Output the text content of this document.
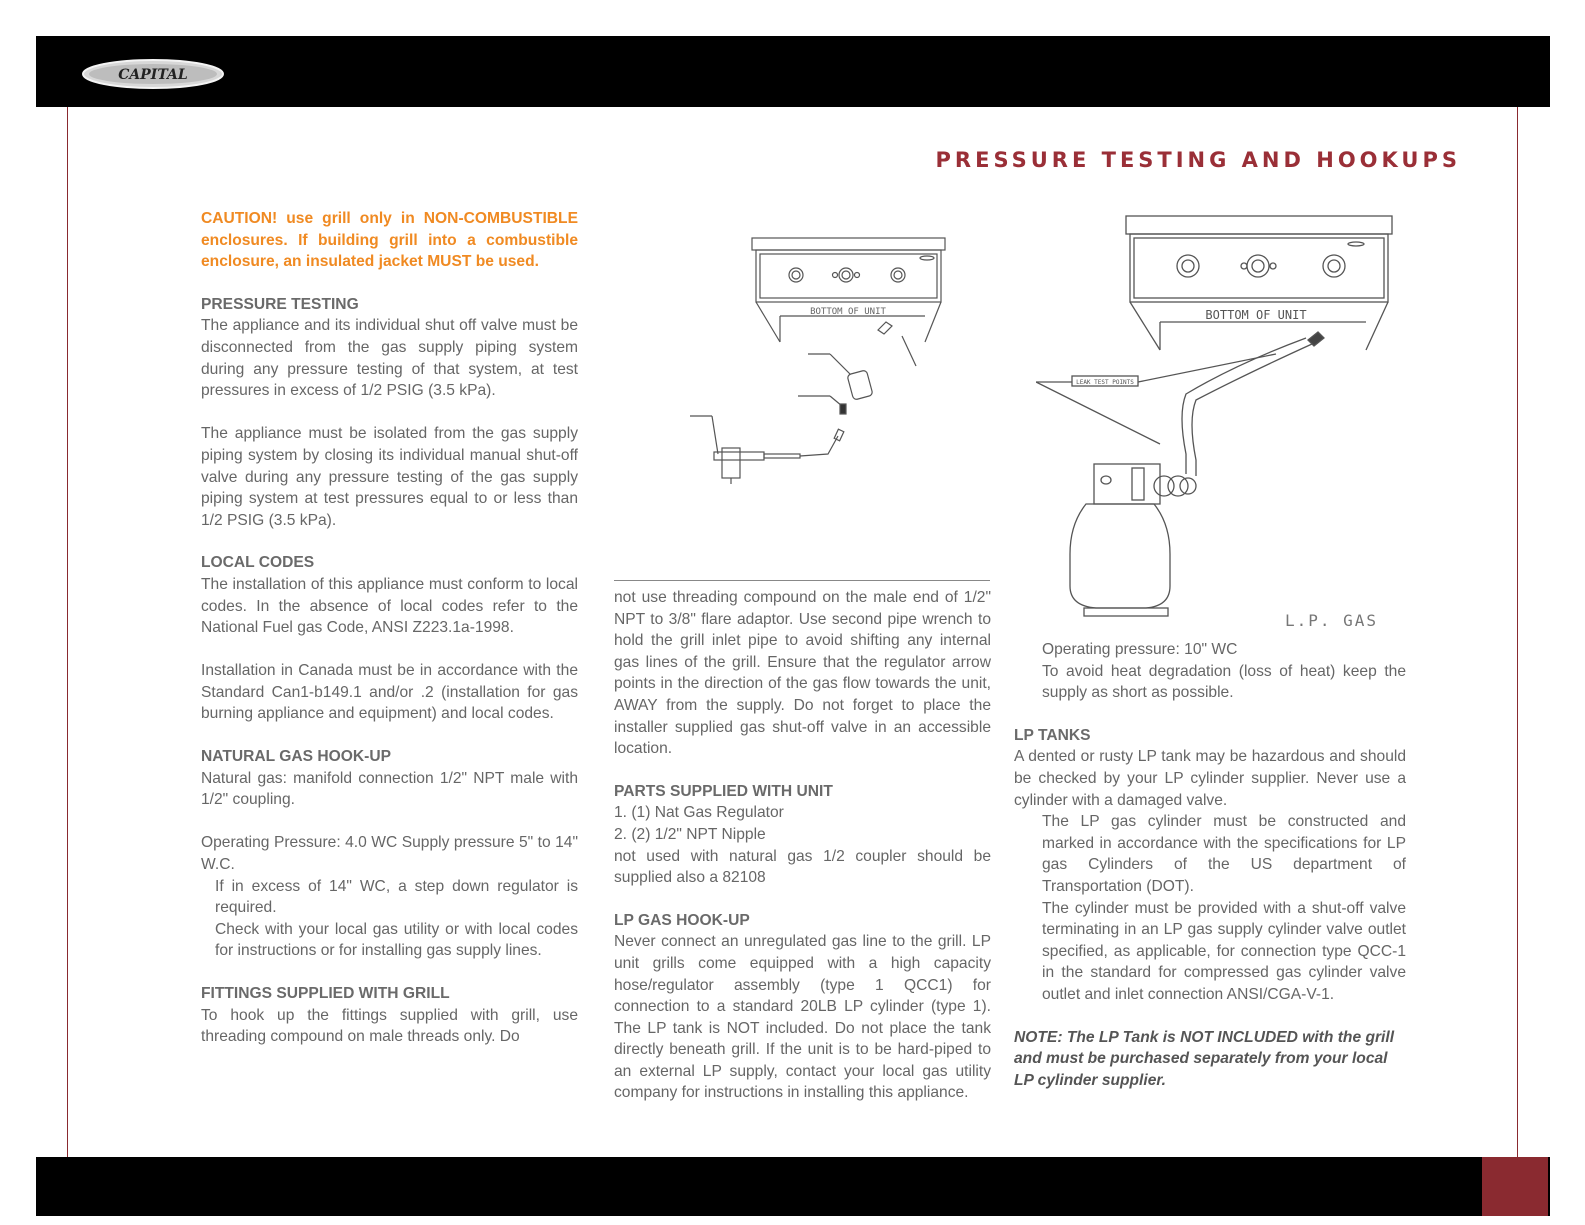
CAPITAL
PRESSURE TESTING AND HOOKUPS

CAUTION! use grill only in NON-COMBUSTIBLE enclosures. If building grill into a combustible enclosure, an insulated jacket MUST be used.

PRESSURE TESTING

The appliance and its individual shut off valve must be disconnected from the gas supply piping system during any pressure testing of that system, at test pressures in excess of 1/2 PSIG (3.5 kPa).

The appliance must be isolated from the gas supply piping system by closing its individual manual shut-off valve during any pressure testing of the gas supply piping system at test pressures equal to or less than 1/2 PSIG (3.5 kPa).

LOCAL CODES

The installation of this appliance must conform to local codes. In the absence of local codes refer to the National Fuel gas Code, ANSI Z223.1a-1998.

Installation in Canada must be in accordance with the Standard Can1-b149.1 and/or .2 (installation for gas burning appliance and equipment) and local codes.

NATURAL GAS HOOK-UP

Natural gas: manifold connection 1/2" NPT male with 1/2" coupling.

Operating Pressure: 4.0 WC Supply pressure 5" to 14" W.C.

If in excess of 14" WC, a step down regulator is required.

Check with your local gas utility or with local codes for instructions or for installing gas supply lines.

FITTINGS SUPPLIED WITH GRILL

To hook up the fittings supplied with grill, use threading compound on male threads only. Do

BOTTOM OF UNIT

not use threading compound on the male end of 1/2" NPT to 3/8" flare adaptor. Use second pipe wrench to hold the grill inlet pipe to avoid shifting any internal gas lines of the grill. Ensure that the regulator arrow points in the direction of the gas flow towards the unit, AWAY from the supply. Do not forget to place the installer supplied gas shut-off valve in an accessible location.

PARTS SUPPLIED WITH UNIT

1. (1) Nat Gas Regulator

2. (2) 1/2" NPT Nipple

not used with natural gas 1/2 coupler should be supplied also a 82108

LP GAS HOOK-UP

Never connect an unregulated gas line to the grill. LP unit grills come equipped with a high capacity hose/regulator assembly (type 1 QCC1) for connection to a standard 20LB LP cylinder (type 1). The LP tank is NOT included. Do not place the tank directly beneath grill. If the unit is to be hard-piped to an external LP supply, contact your local gas utility company for instructions in installing this appliance.

BOTTOM OF UNIT
LEAK TEST POINTS
L.P. GAS

Operating pressure: 10" WC

To avoid heat degradation (loss of heat) keep the supply as short as possible.

LP TANKS

A dented or rusty LP tank may be hazardous and should be checked by your LP cylinder supplier. Never use a cylinder with a damaged valve.

The LP gas cylinder must be constructed and marked in accordance with the specifications for LP gas Cylinders of the US department of Transportation (DOT).

The cylinder must be provided with a shut-off valve terminating in an LP gas supply cylinder valve outlet specified, as applicable, for connection type QCC-1 in the standard for compressed gas cylinder valve outlet and inlet connection ANSI/CGA-V-1.

NOTE: The LP Tank is NOT INCLUDED with the grill and must be purchased separately from your local LP cylinder supplier.
